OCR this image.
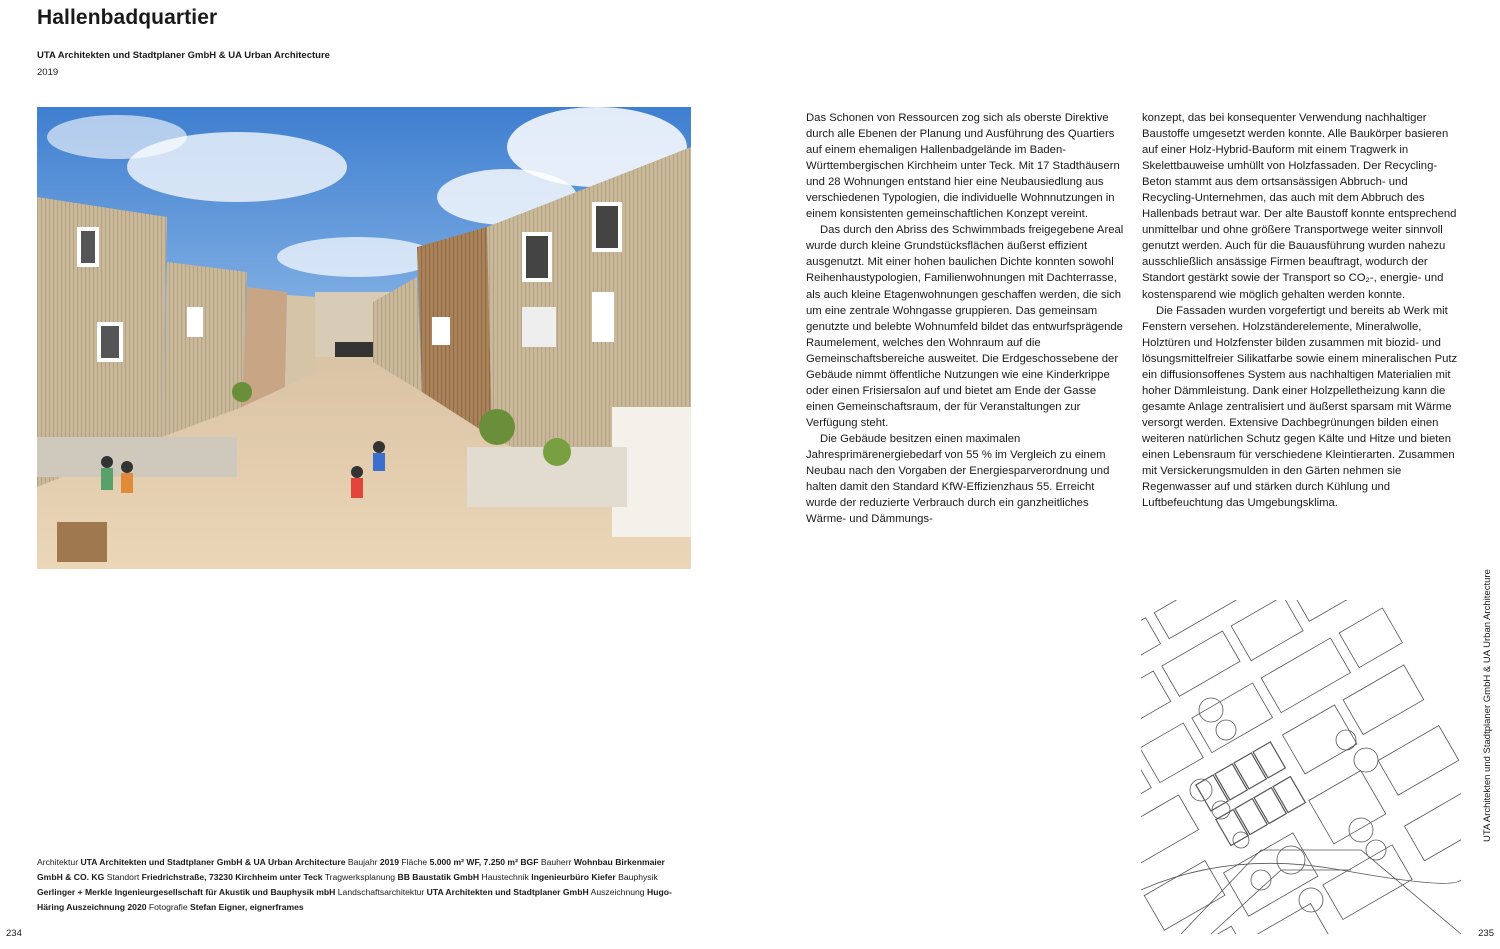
Hallenbadquartier
UTA Architekten und Stadtplaner GmbH & UA Urban Architecture
2019

Das Schonen von Ressourcen zog sich als oberste Direktive durch alle Ebenen der Planung und Ausführung des Quartiers auf einem ehemaligen Hallenbadgelände im Baden-Württembergischen Kirchheim unter Teck. Mit 17 Stadthäusern und 28 Wohnungen entstand hier eine Neubausiedlung aus verschiedenen Typologien, die individuelle Wohnnutzungen in einem konsistenten gemeinschaftlichen Konzept vereint.

Das durch den Abriss des Schwimmbads freigegebene Areal wurde durch kleine Grundstücksflächen äußerst effizient ausgenutzt. Mit einer hohen baulichen Dichte konnten sowohl Reihenhaustypologien, Familienwohnungen mit Dachterrasse, als auch kleine Etagenwohnungen geschaffen werden, die sich um eine zentrale Wohngasse gruppieren. Das gemeinsam genutzte und belebte Wohnumfeld bildet das entwurfsprägende Raumelement, welches den Wohnraum auf die Gemeinschaftsbereiche ausweitet. Die Erdgeschossebene der Gebäude nimmt öffentliche Nutzungen wie eine Kinderkrippe oder einen Frisiersalon auf und bietet am Ende der Gasse einen Gemeinschaftsraum, der für Veranstaltungen zur Verfügung steht.

Die Gebäude besitzen einen maximalen Jahresprimärenergiebedarf von 55 % im Vergleich zu einem Neubau nach den Vorgaben der Energiesparverordnung und halten damit den Standard KfW-Effizienzhaus 55. Erreicht wurde der reduzierte Verbrauch durch ein ganzheitliches Wärme- und Dämmungs-

konzept, das bei konsequenter Verwendung nachhaltiger Baustoffe umgesetzt werden konnte. Alle Baukörper basieren auf einer Holz-Hybrid-Bauform mit einem Tragwerk in Skelettbauweise umhüllt von Holzfassaden. Der Recycling-Beton stammt aus dem ortsansässigen Abbruch- und Recycling-Unternehmen, das auch mit dem Abbruch des Hallenbads betraut war. Der alte Baustoff konnte entsprechend unmittelbar und ohne größere Transportwege weiter sinnvoll genutzt werden. Auch für die Bauausführung wurden nahezu ausschließlich ansässige Firmen beauftragt, wodurch der Standort gestärkt sowie der Transport so CO₂-, energie- und kostensparend wie möglich gehalten werden konnte.

Die Fassaden wurden vorgefertigt und bereits ab Werk mit Fenstern versehen. Holzständerelemente, Mineralwolle, Holztüren und Holzfenster bilden zusammen mit biozid- und lösungsmittelfreier Silikatfarbe sowie einem mineralischen Putz ein diffusionsoffenes System aus nachhaltigen Materialien mit hoher Dämmleistung. Dank einer Holzpelletheizung kann die gesamte Anlage zentralisiert und äußerst sparsam mit Wärme versorgt werden. Extensive Dachbegrünungen bilden einen weiteren natürlichen Schutz gegen Kälte und Hitze und bieten einen Lebensraum für verschiedene Kleintierarten. Zusammen mit Versickerungsmulden in den Gärten nehmen sie Regenwasser auf und stärken durch Kühlung und Luftbefeuchtung das Umgebungsklima.

Architektur UTA Architekten und Stadtplaner GmbH & UA Urban Architecture Baujahr 2019 Fläche 5.000 m² WF, 7.250 m² BGF Bauherr Wohnbau Birkenmaier GmbH & CO. KG Standort Friedrichstraße, 73230 Kirchheim unter Teck Tragwerksplanung BB Baustatik GmbH Haustechnik Ingenieurbüro Kiefer Bauphysik Gerlinger + Merkle Ingenieurgesellschaft für Akustik und Bauphysik mbH Landschaftsarchitektur UTA Architekten und Stadtplaner GmbH Auszeichnung Hugo-Häring Auszeichnung 2020 Fotografie Stefan Eigner, eignerframes
UTA Architekten und Stadtplaner GmbH & UA Urban Architecture
234	235
